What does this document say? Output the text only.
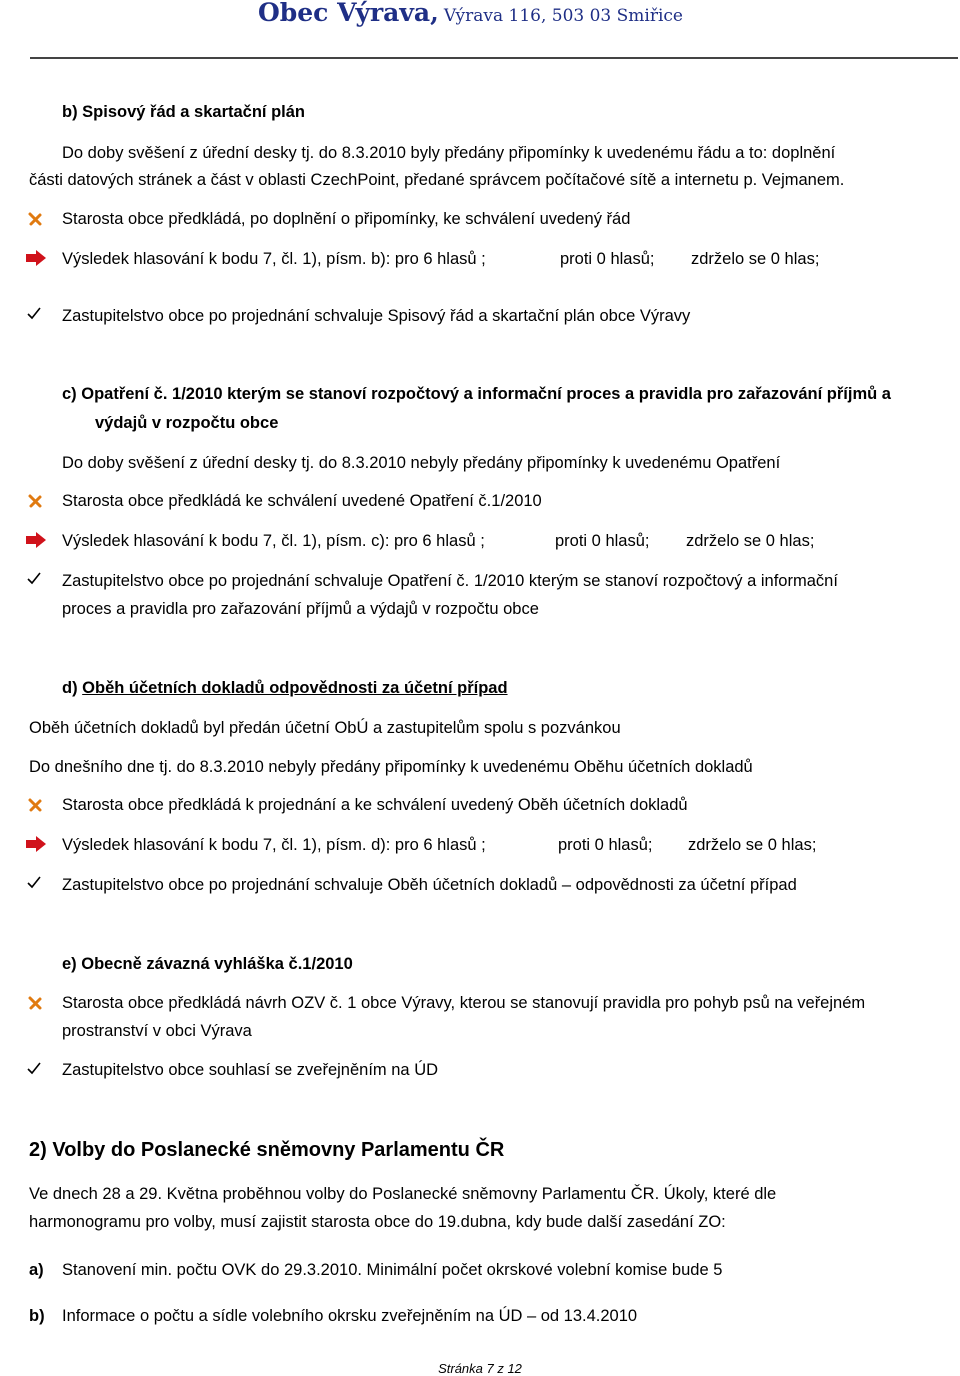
Obec Výrava, Výrava 116, 503 03 Smiřice
b) Spisový řád a skartační plán
Do doby svěšení z úřední desky tj. do 8.3.2010 byly předány připomínky k uvedenému řádu a to: doplnění
části datových stránek a část v oblasti CzechPoint, předané správcem počítačové sítě a internetu p. Vejmanem.
Starosta obce předkládá, po doplnění o připomínky, ke schválení uvedený řád
Výsledek hlasování k bodu 7, čl. 1), písm. b): pro 6 hlasů ;	proti 0 hlasů; zdrželo se 0 hlas;
Zastupitelstvo obce po projednání schvaluje Spisový řád a skartační plán obce Výravy
c) Opatření č. 1/2010 kterým se stanoví rozpočtový a informační proces a pravidla pro zařazování příjmů a
výdajů v rozpočtu obce
Do doby svěšení z úřední desky tj. do 8.3.2010 nebyly předány připomínky k uvedenému Opatření
Starosta obce předkládá ke schválení uvedené Opatření č.1/2010
Výsledek hlasování k bodu 7, čl. 1), písm. c): pro 6 hlasů ;	proti 0 hlasů; zdrželo se 0 hlas;
Zastupitelstvo obce po projednání schvaluje Opatření č. 1/2010 kterým se stanoví rozpočtový a informační
proces a pravidla pro zařazování příjmů a výdajů v rozpočtu obce
d) Oběh účetních dokladů odpovědnosti za účetní případ
Oběh účetních dokladů byl předán účetní ObÚ a zastupitelům spolu s pozvánkou
Do dnešního dne tj. do 8.3.2010 nebyly předány připomínky k uvedenému Oběhu účetních dokladů
Starosta obce předkládá k projednání a ke schválení uvedený Oběh účetních dokladů
Výsledek hlasování k bodu 7, čl. 1), písm. d): pro 6 hlasů ;	proti 0 hlasů; zdrželo se 0 hlas;
Zastupitelstvo obce po projednání schvaluje Oběh účetních dokladů – odpovědnosti za účetní případ
e) Obecně závazná vyhláška č.1/2010
Starosta obce předkládá návrh OZV č. 1 obce Výravy, kterou se stanovují pravidla pro pohyb psů na veřejném
prostranství v obci Výrava
Zastupitelstvo obce souhlasí se zveřejněním na ÚD
2) Volby do Poslanecké sněmovny Parlamentu ČR
Ve dnech 28 a 29. Května proběhnou volby do Poslanecké sněmovny Parlamentu ČR. Úkoly, které dle
harmonogramu pro volby, musí zajistit starosta obce do 19.dubna, kdy bude další zasedání ZO:
a) Stanovení min. počtu OVK do 29.3.2010. Minimální počet okrskové volební komise bude 5
b) Informace o počtu a sídle volebního okrsku zveřejněním na ÚD – od 13.4.2010
Stránka 7 z 12
